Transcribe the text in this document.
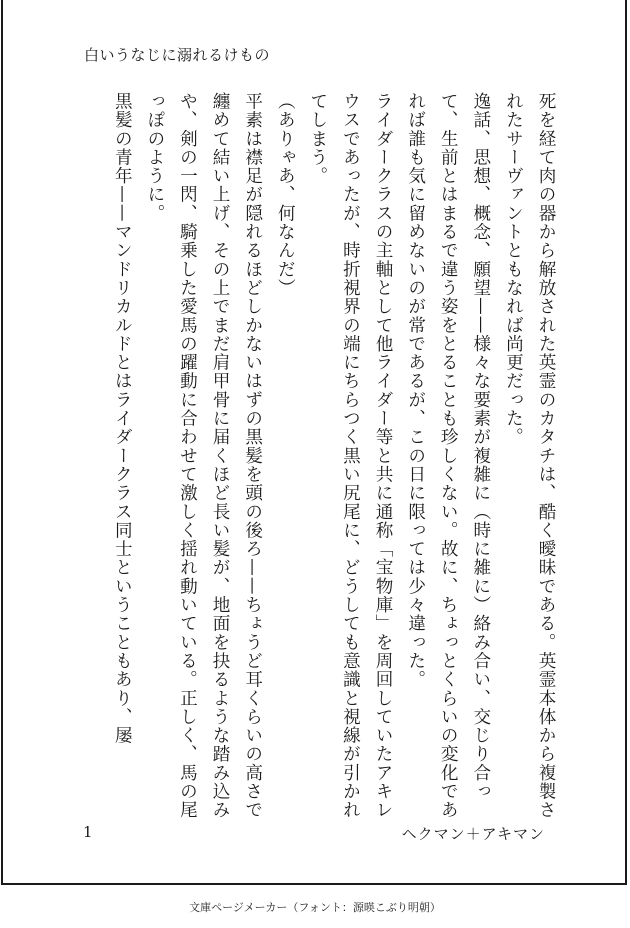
白いうなじに溺れるけもの

死を経て肉の器から解放された英霊のカタチは、酷く曖昧である。英霊本体から複製されたサーヴァントともなれば尚更だった。

逸話、思想、概念、願望——様々な要素が複雑に（時に雑に）絡み合い、交じり合って、生前とはまるで違う姿をとることも珍しくない。故に、ちょっとくらいの変化であれば誰も気に留めないのが常であるが、この日に限っては少々違った。

ライダークラスの主軸として他ライダー等と共に通称「宝物庫」を周回していたアキレウスであったが、時折視界の端にちらつく黒い尻尾に、どうしても意識と視線が引かれてしまう。

（ありゃあ、何なんだ）

平素は襟足が隠れるほどしかないはずの黒髪を頭の後ろ——ちょうど耳くらいの高さで纏めて結い上げ、その上でまだ肩甲骨に届くほど長い髪が、地面を抉るような踏み込みや、剣の一閃、騎乗した愛馬の躍動に合わせて激しく揺れ動いている。正しく、馬の尾っぽのように。

黒髪の青年——マンドリカルドとはライダークラス同士ということもあり、屡

1	ヘクマン＋アキマン
文庫ページメーカー（フォント：源暎こぶり明朝）
